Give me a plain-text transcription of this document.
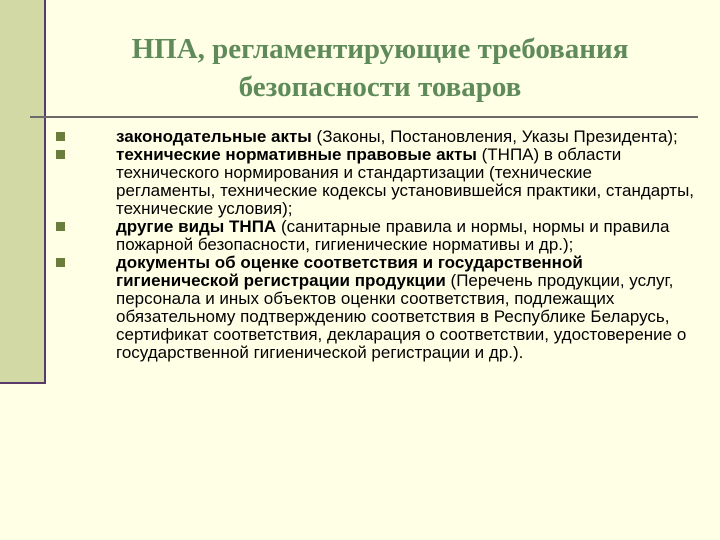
НПА, регламентирующие требования
безопасности товаров
законодательные акты (Законы, Постановления, Указы Президента);
технические нормативные правовые акты (ТНПА) в области технического нормирования и стандартизации (технические регламенты, технические кодексы установившейся практики, стандарты, технические условия);
другие виды ТНПА (санитарные правила и нормы, нормы и правила пожарной безопасности, гигиенические нормативы и др.);
документы об оценке соответствия и государственной гигиенической регистрации продукции (Перечень продукции, услуг, персонала и иных объектов оценки соответствия, подлежащих обязательному подтверждению соответствия в Республике Беларусь, сертификат соответствия, декларация о соответствии, удостоверение о государственной гигиенической регистрации и др.).
